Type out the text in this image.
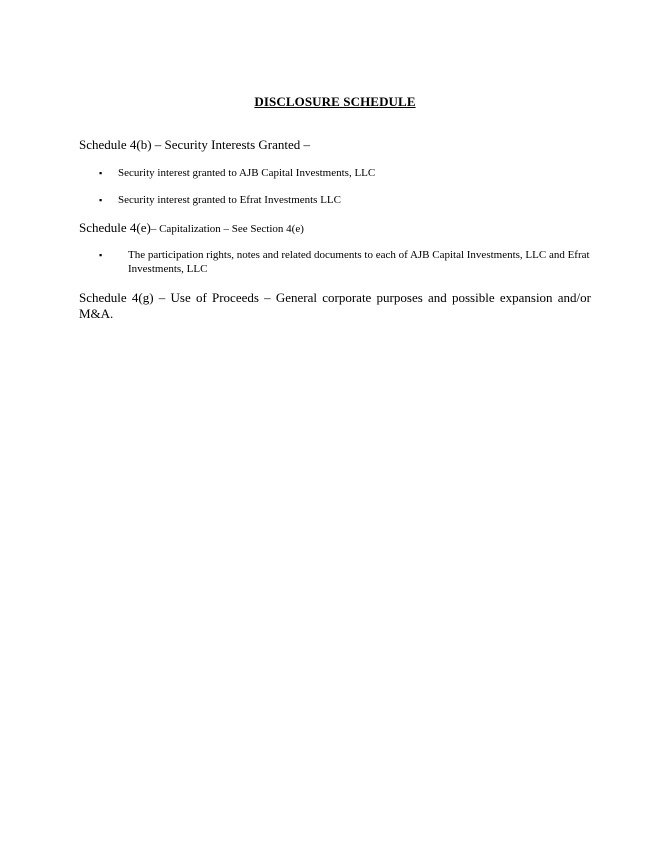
DISCLOSURE SCHEDULE

Schedule 4(b) – Security Interests Granted –

▪ Security interest granted to AJB Capital Investments, LLC
▪ Security interest granted to Efrat Investments LLC

Schedule 4(e)– Capitalization – See Section 4(e)

▪ The participation rights, notes and related documents to each of AJB Capital Investments, LLC and Efrat Investments, LLC

Schedule 4(g) – Use of Proceeds – General corporate purposes and possible expansion and/or M&A.
